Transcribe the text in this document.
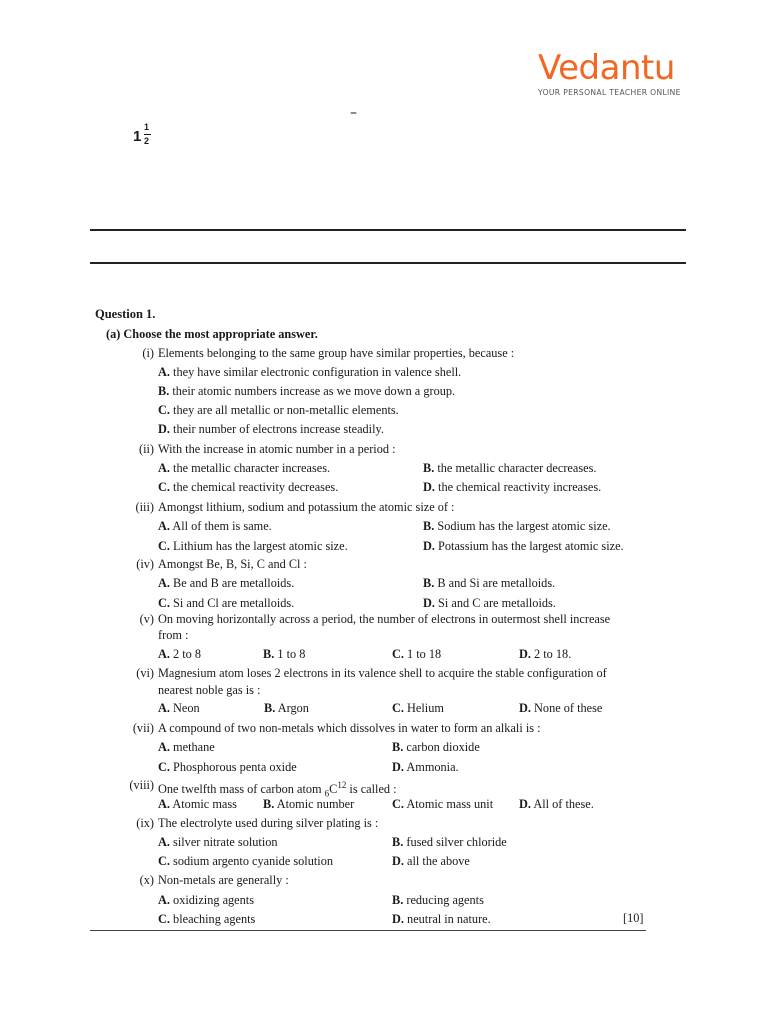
Vedantu
YOUR PERSONAL TEACHER ONLINE
–
1
1
2
Question 1.
(a) Choose the most appropriate answer.
(i) Elements belonging to the same group have similar properties, because :
A. they have similar electronic configuration in valence shell.
B. their atomic numbers increase as we move down a group.
C. they are all metallic or non-metallic elements.
D. their number of electrons increase steadily.
(ii) With the increase in atomic number in a period :
A. the metallic character increases.	B. the metallic character decreases.
C. the chemical reactivity decreases.	D. the chemical reactivity increases.
(iii) Amongst lithium, sodium and potassium the atomic size of :
A. All of them is same.	B. Sodium has the largest atomic size.
C. Lithium has the largest atomic size.	D. Potassium has the largest atomic size.
(iv) Amongst Be, B, Si, C and Cl :
A. Be and B are metalloids.	B. B and Si are metalloids.
C. Si and Cl are metalloids.	D. Si and C are metalloids.
(v) On moving horizontally across a period, the number of electrons in outermost shell increase
from :
A. 2 to 8	B. 1 to 8	C. 1 to 18	D. 2 to 18.
(vi) Magnesium atom loses 2 electrons in its valence shell to acquire the stable configuration of
nearest noble gas is :
A. Neon	B. Argon	C. Helium	D. None of these
(vii) A compound of two non-metals which dissolves in water to form an alkali is :
A. methane	B. carbon dioxide
C. Phosphorous penta oxide	D. Ammonia.
(viii) One twelfth mass of carbon atom $_6C^{12}$ is called :
A. Atomic mass B. Atomic number	C. Atomic mass unit D. All of these.
(ix) The electrolyte used during silver plating is :
A. silver nitrate solution	B. fused silver chloride
C. sodium argento cyanide solution	D. all the above
(x) Non-metals are generally :
A. oxidizing agents	B. reducing agents
C. bleaching agents	D. neutral in nature.	[10]
